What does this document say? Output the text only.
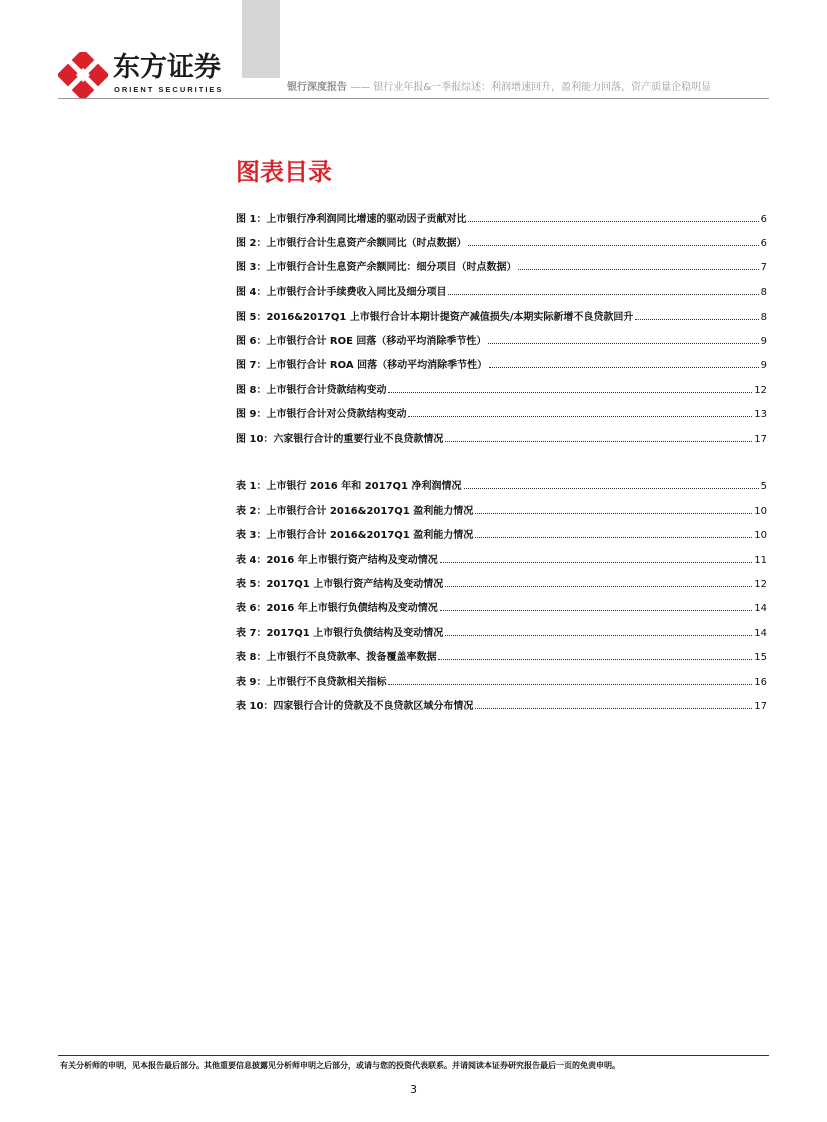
东方证券
ORIENT SECURITIES	银行深度报告 —— 银行业年报&一季报综述：利润增速回升，盈利能力回落，资产质量企稳明显
图表目录
图 1：上市银行净利润同比增速的驱动因子贡献对比	6
图 2：上市银行合计生息资产余额同比（时点数据）	6
图 3：上市银行合计生息资产余额同比：细分项目（时点数据）	7
图 4：上市银行合计手续费收入同比及细分项目	8
图 5：2016&2017Q1 上市银行合计本期计提资产减值损失/本期实际新增不良贷款回升	8
图 6：上市银行合计 ROE 回落（移动平均消除季节性）	9
图 7：上市银行合计 ROA 回落（移动平均消除季节性）	9
图 8：上市银行合计贷款结构变动	12
图 9：上市银行合计对公贷款结构变动	13
图 10：六家银行合计的重要行业不良贷款情况	17
表 1：上市银行 2016 年和 2017Q1 净利润情况	5
表 2：上市银行合计 2016&2017Q1 盈利能力情况	10
表 3：上市银行合计 2016&2017Q1 盈利能力情况	10
表 4：2016 年上市银行资产结构及变动情况	11
表 5：2017Q1 上市银行资产结构及变动情况	12
表 6：2016 年上市银行负债结构及变动情况	14
表 7：2017Q1 上市银行负债结构及变动情况	14
表 8：上市银行不良贷款率、拨备覆盖率数据	15
表 9：上市银行不良贷款相关指标	16
表 10：四家银行合计的贷款及不良贷款区域分布情况	17
有关分析师的申明，见本报告最后部分。其他重要信息披露见分析师申明之后部分，或请与您的投资代表联系。并请阅读本证券研究报告最后一页的免责申明。
3
